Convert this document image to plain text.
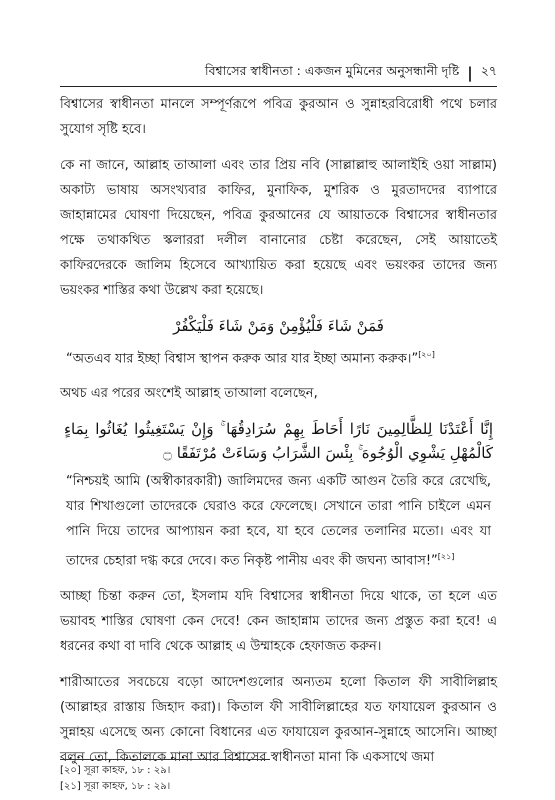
বিশ্বাসের স্বাধীনতা : একজন মুমিনের অনুসন্ধানী দৃষ্টি | ২৭

বিশ্বাসের স্বাধীনতা মানলে সম্পূর্ণরূপে পবিত্র কুরআন ও সুন্নাহরবিরোধী পথে চলার সুযোগ সৃষ্টি হবে।

কে না জানে, আল্লাহ তাআলা এবং তার প্রিয় নবি (সাল্লাল্লাহু আলাইহি ওয়া সাল্লাম) অকাট্য ভাষায় অসংখ্যবার কাফির, মুনাফিক, মুশরিক ও মুরতাদদের ব্যাপারে জাহান্নামের ঘোষণা দিয়েছেন, পবিত্র কুরআনের যে আয়াতকে বিশ্বাসের স্বাধীনতার পক্ষে তথাকথিত স্কলাররা দলীল বানানোর চেষ্টা করেছেন, সেই আয়াতেই কাফিরদেরকে জালিম হিসেবে আখ্যায়িত করা হয়েছে এবং ভয়ংকর তাদের জন্য ভয়ংকর শাস্তির কথা উল্লেখ করা হয়েছে।

فَمَنْ شَاءَ فَلْيُؤْمِنْ وَمَنْ شَاءَ فَلْيَكْفُرْ

“অতএব যার ইচ্ছা বিশ্বাস স্থাপন করুক আর যার ইচ্ছা অমান্য করুক।”[২০]

অথচ এর পরের অংশেই আল্লাহ তাআলা বলেছেন,

إِنَّا أَعْتَدْنَا لِلظَّالِمِينَ نَارًا أَحَاطَ بِهِمْ سُرَادِقُهَا ۚ وَإِنْ يَسْتَغِيثُوا يُغَاثُوا بِمَاءٍ كَالْمُهْلِ يَشْوِي الْوُجُوهَ ۚ بِئْسَ الشَّرَابُ وَسَاءَتْ مُرْتَفَقًا ۝

“নিশ্চয়ই আমি (অস্বীকারকারী) জালিমদের জন্য একটি আগুন তৈরি করে রেখেছি, যার শিখাগুলো তাদেরকে ঘেরাও করে ফেলেছে। সেখানে তারা পানি চাইলে এমন পানি দিয়ে তাদের আপ্যায়ন করা হবে, যা হবে তেলের তলানির মতো। এবং যা তাদের চেহারা দগ্ধ করে দেবে। কত নিকৃষ্ট পানীয় এবং কী জঘন্য আবাস!”[২১]

আচ্ছা চিন্তা করুন তো, ইসলাম যদি বিশ্বাসের স্বাধীনতা দিয়ে থাকে, তা হলে এত ভয়াবহ শাস্তির ঘোষণা কেন দেবে! কেন জাহান্নাম তাদের জন্য প্রস্তুত করা হবে! এ ধরনের কথা বা দাবি থেকে আল্লাহ এ উম্মাহকে হেফাজত করুন।

শারীআতের সবচেয়ে বড়ো আদেশগুলোর অন্যতম হলো কিতাল ফী সাবীলিল্লাহ (আল্লাহর রাস্তায় জিহাদ করা)। কিতাল ফী সাবীলিল্লাহের যত ফাযায়েল কুরআন ও সুন্নাহয় এসেছে অন্য কোনো বিধানের এত ফাযায়েল কুরআন-সুন্নাহে আসেনি। আচ্ছা বলুন তো, কিতালকে মানা আর বিশ্বাসের স্বাধীনতা মানা কি একসাথে জমা

[২০] সূরা কাহফ, ১৮ : ২৯।
[২১] সূরা কাহফ, ১৮ : ২৯।
